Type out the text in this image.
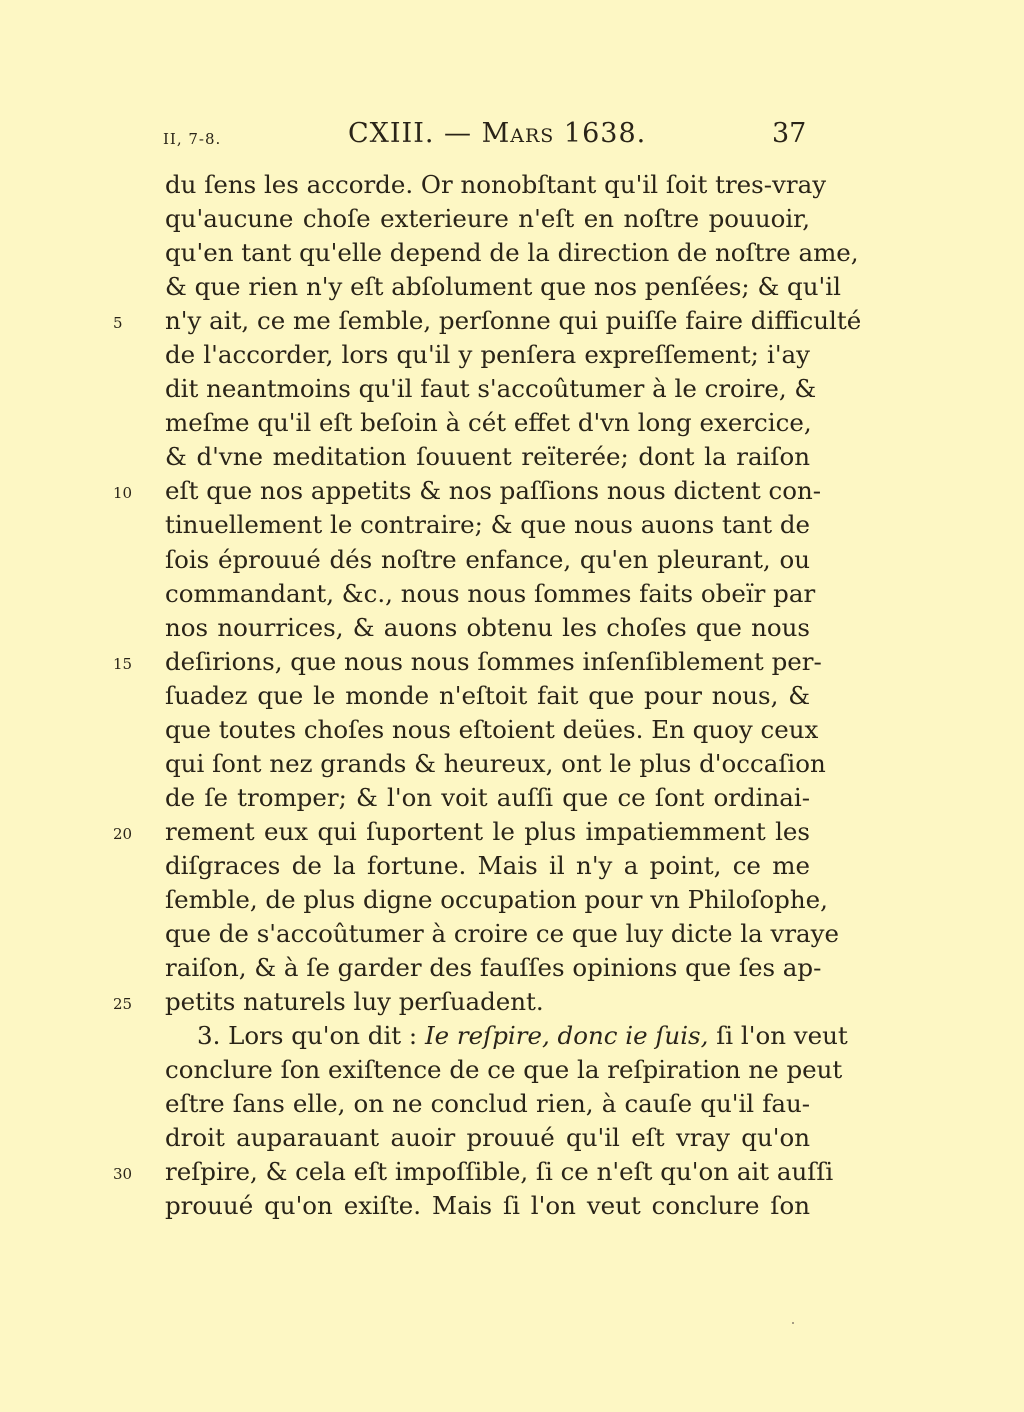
II, 7-8.	CXIII. — Mars 1638.	37
du ſens les accorde. Or nonobſtant qu'il ſoit tres-vray
qu'aucune choſe exterieure n'eſt en noſtre pouuoir,
qu'en tant qu'elle depend de la direction de noſtre ame,
& que rien n'y eſt abſolument que nos penſées; & qu'il
5	n'y ait, ce me ſemble, perſonne qui puiſſe faire difficulté
de l'accorder, lors qu'il y penſera expreſſement; i'ay
dit neantmoins qu'il faut s'accoûtumer à le croire, &
meſme qu'il eſt beſoin à cét effet d'vn long exercice,
& d'vne meditation ſouuent reïterée; dont la raiſon
10	eſt que nos appetits & nos paſſions nous dictent con-
tinuellement le contraire; & que nous auons tant de
ſois éprouué dés noſtre enfance, qu'en pleurant, ou
commandant, &c., nous nous ſommes faits obeïr par
nos nourrices, & auons obtenu les choſes que nous
15	deſirions, que nous nous ſommes inſenſiblement per-
ſuadez que le monde n'eſtoit fait que pour nous, &
que toutes choſes nous eſtoient deües. En quoy ceux
qui ſont nez grands & heureux, ont le plus d'occaſion
de ſe tromper; & l'on voit auſſi que ce ſont ordinai-
20	rement eux qui ſuportent le plus impatiemment les
diſgraces de la fortune. Mais il n'y a point, ce me
ſemble, de plus digne occupation pour vn Philoſophe,
que de s'accoûtumer à croire ce que luy dicte la vraye
raiſon, & à ſe garder des fauſſes opinions que ſes ap-
25	petits naturels luy perſuadent.
3. Lors qu'on dit : Ie reſpire, donc ie ſuis, ſi l'on veut
conclure ſon exiſtence de ce que la reſpiration ne peut
eſtre ſans elle, on ne conclud rien, à cauſe qu'il fau-
droit auparauant auoir prouué qu'il eſt vray qu'on
30	reſpire, & cela eſt impoſſible, ſi ce n'eſt qu'on ait auſſi
prouué qu'on exiſte. Mais ſi l'on veut conclure ſon
